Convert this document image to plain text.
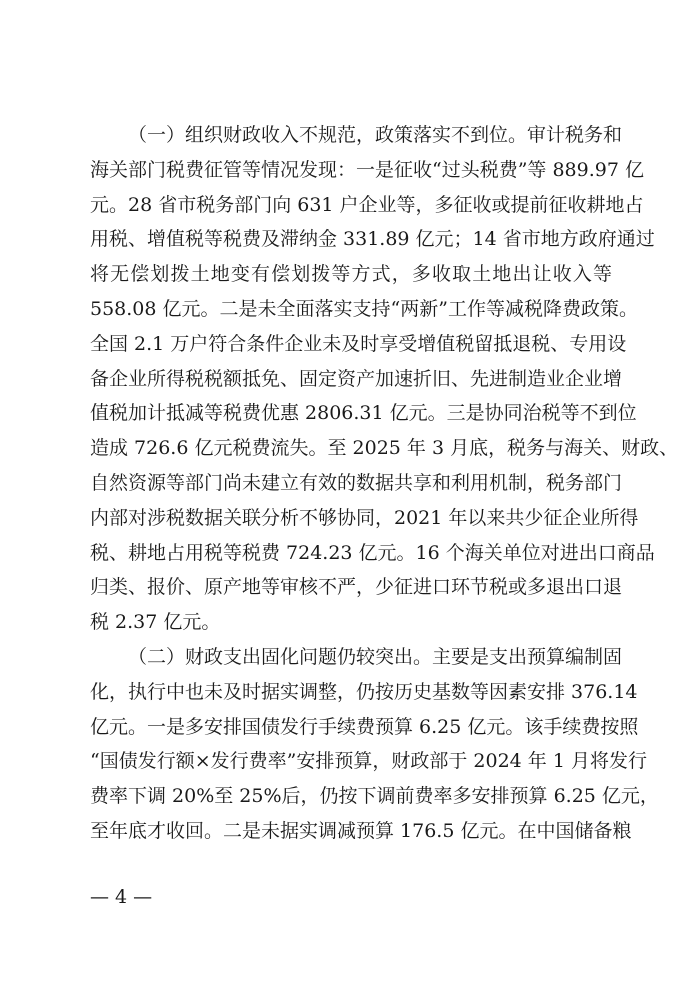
（一）组织财政收入不规范，政策落实不到位。审计税务和
海关部门税费征管等情况发现：一是征收“过头税费”等 889.97 亿
元。28 省市税务部门向 631 户企业等，多征收或提前征收耕地占
用税、增值税等税费及滞纳金 331.89 亿元；14 省市地方政府通过
将无偿划拨土地变有偿划拨等方式，多收取土地出让收入等
558.08 亿元。二是未全面落实支持“两新”工作等减税降费政策。
全国 2.1 万户符合条件企业未及时享受增值税留抵退税、专用设
备企业所得税税额抵免、固定资产加速折旧、先进制造业企业增
值税加计抵减等税费优惠 2806.31 亿元。三是协同治税等不到位
造成 726.6 亿元税费流失。至 2025 年 3 月底，税务与海关、财政、
自然资源等部门尚未建立有效的数据共享和利用机制，税务部门
内部对涉税数据关联分析不够协同，2021 年以来共少征企业所得
税、耕地占用税等税费 724.23 亿元。16 个海关单位对进出口商品
归类、报价、原产地等审核不严，少征进口环节税或多退出口退
税 2.37 亿元。
（二）财政支出固化问题仍较突出。主要是支出预算编制固
化，执行中也未及时据实调整，仍按历史基数等因素安排 376.14
亿元。一是多安排国债发行手续费预算 6.25 亿元。该手续费按照
“国债发行额×发行费率”安排预算，财政部于 2024 年 1 月将发行
费率下调 20%至 25%后，仍按下调前费率多安排预算 6.25 亿元，
至年底才收回。二是未据实调减预算 176.5 亿元。在中国储备粮
— 4 —
